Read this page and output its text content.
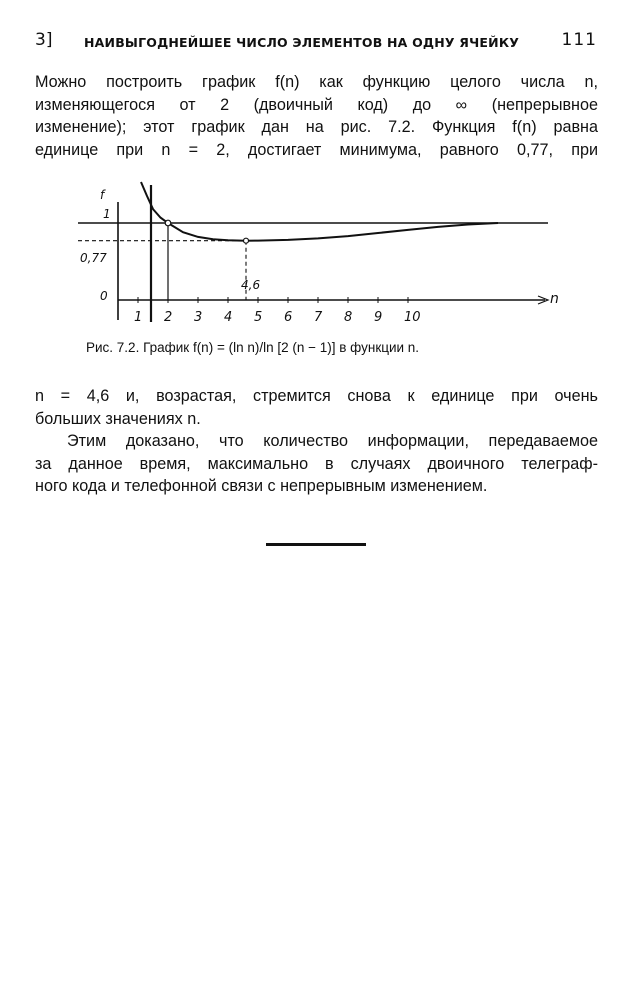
3]	НАИВЫГОДНЕЙШЕЕ ЧИСЛО ЭЛЕМЕНТОВ НА ОДНУ ЯЧЕЙКУ 111
Можно построить график f(n) как функцию целого числа n,
изменяющегося от 2 (двоичный код) до ∞ (непрерывное
изменение); этот график дан на рис. 7.2. Функция f(n) равна
единице при n = 2, достигает минимума, равного 0,77, при
f
1
0,77
0
4,6
n
1 2 3 4 5 6 7 8 9 10
Рис. 7.2. График f(n) = (ln n)/ln [2 (n − 1)] в функции n.
n = 4,6 и, возрастая, стремится снова к единице при очень
больших значениях n.
Этим доказано, что количество информации, передаваемое
за данное время, максимально в случаях двоичного телеграф-
ного кода и телефонной связи с непрерывным изменением.
